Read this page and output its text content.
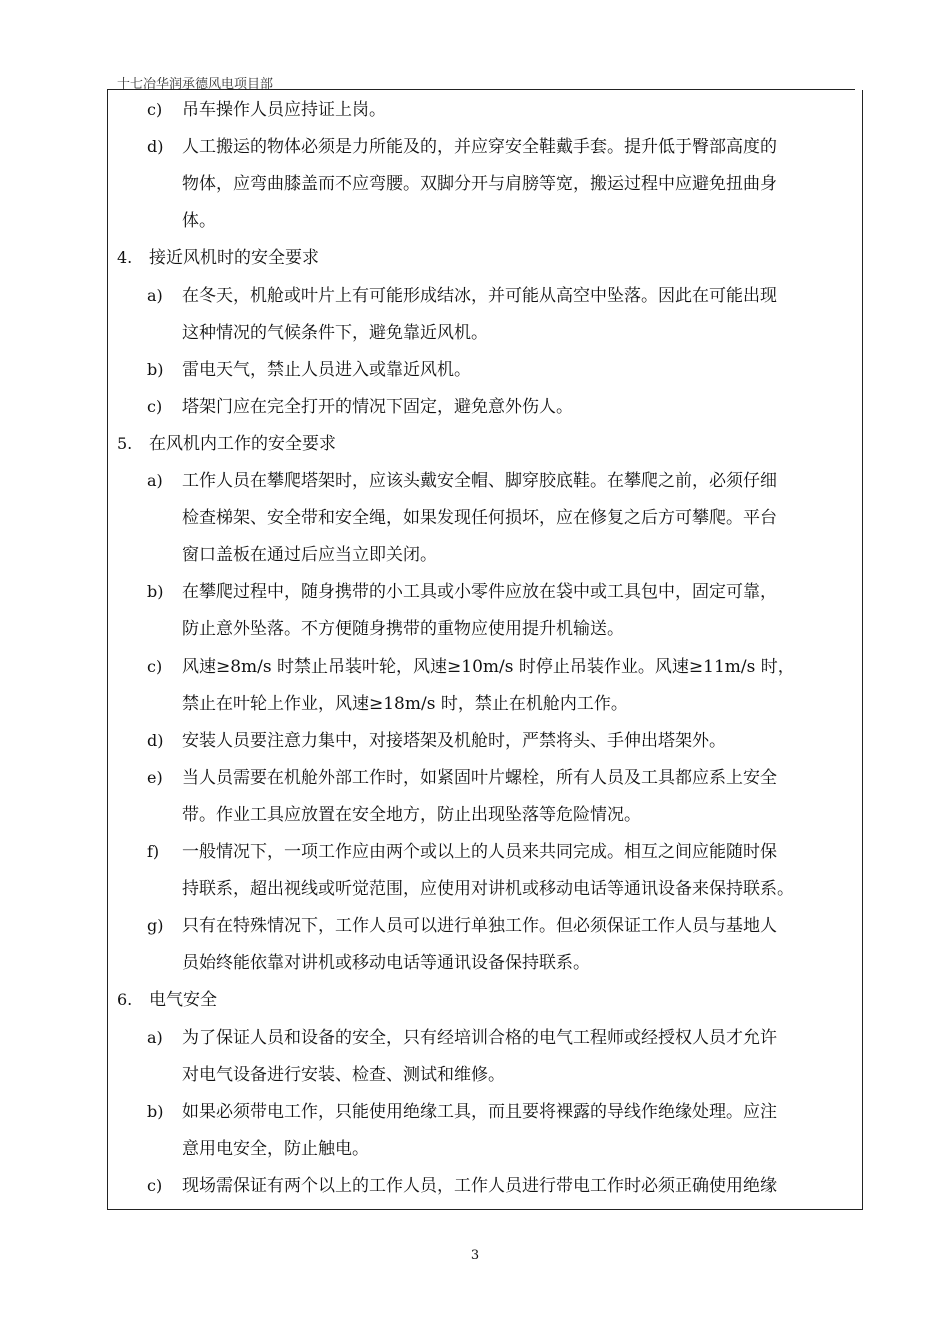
十七冶华润承德风电项目部
c) 吊车操作人员应持证上岗。
d) 人工搬运的物体必须是力所能及的，并应穿安全鞋戴手套。提升低于臀部高度的
物体，应弯曲膝盖而不应弯腰。双脚分开与肩膀等宽，搬运过程中应避免扭曲身
体。
4. 接近风机时的安全要求
a) 在冬天，机舱或叶片上有可能形成结冰，并可能从高空中坠落。因此在可能出现
这种情况的气候条件下，避免靠近风机。
b) 雷电天气，禁止人员进入或靠近风机。
c) 塔架门应在完全打开的情况下固定，避免意外伤人。
5. 在风机内工作的安全要求
a) 工作人员在攀爬塔架时，应该头戴安全帽、脚穿胶底鞋。在攀爬之前，必须仔细
检查梯架、安全带和安全绳，如果发现任何损坏，应在修复之后方可攀爬。平台
窗口盖板在通过后应当立即关闭。
b) 在攀爬过程中，随身携带的小工具或小零件应放在袋中或工具包中，固定可靠，
防止意外坠落。不方便随身携带的重物应使用提升机输送。
c) 风速≥8m/s 时禁止吊装叶轮，风速≥10m/s 时停止吊装作业。风速≥11m/s 时，
禁止在叶轮上作业，风速≥18m/s 时，禁止在机舱内工作。
d) 安装人员要注意力集中，对接塔架及机舱时，严禁将头、手伸出塔架外。
e) 当人员需要在机舱外部工作时，如紧固叶片螺栓，所有人员及工具都应系上安全
带。作业工具应放置在安全地方，防止出现坠落等危险情况。
f) 一般情况下，一项工作应由两个或以上的人员来共同完成。相互之间应能随时保
持联系，超出视线或听觉范围，应使用对讲机或移动电话等通讯设备来保持联系。
g) 只有在特殊情况下，工作人员可以进行单独工作。但必须保证工作人员与基地人
员始终能依靠对讲机或移动电话等通讯设备保持联系。
6. 电气安全
a) 为了保证人员和设备的安全，只有经培训合格的电气工程师或经授权人员才允许
对电气设备进行安装、检查、测试和维修。
b) 如果必须带电工作，只能使用绝缘工具，而且要将裸露的导线作绝缘处理。应注
意用电安全，防止触电。
c) 现场需保证有两个以上的工作人员，工作人员进行带电工作时必须正确使用绝缘
3
